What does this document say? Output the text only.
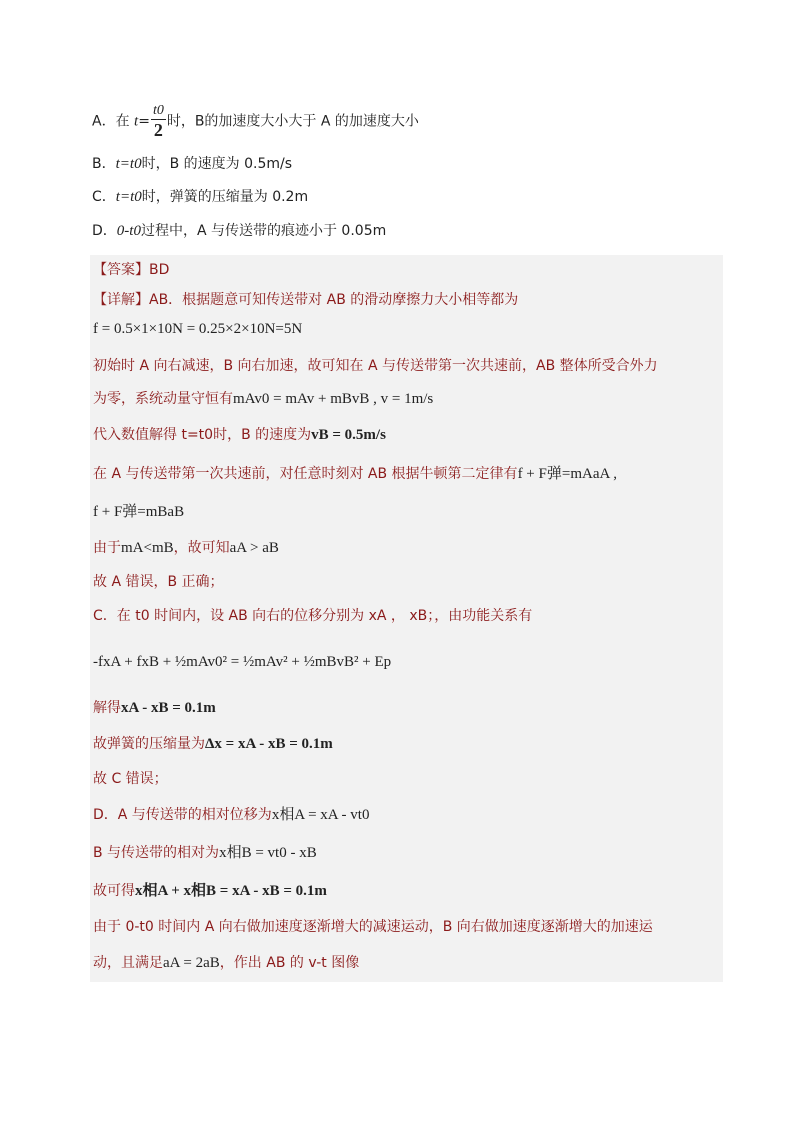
A．在 $t= \frac{t0}{2}$ 时，B的加速度大小大于 A 的加速度大小
B．t=t0时，B 的速度为 0.5m/s
C．t=t0时，弹簧的压缩量为 0.2m
D．0-t0过程中，A 与传送带的痕迹小于 0.05m
【答案】BD
【详解】AB．根据题意可知传送带对 AB 的滑动摩擦力大小相等都为
f = 0.5×1×10N = 0.25×2×10N=5N
初始时 A 向右减速，B 向右加速，故可知在 A 与传送带第一次共速前，AB 整体所受合外力
为零，系统动量守恒有mAv0 = mAv + mBvB , v = 1m/s
代入数值解得 t=t0时，B 的速度为vB = 0.5m/s
在 A 与传送带第一次共速前，对任意时刻对 AB 根据牛顿第二定律有f + F弹=mAaA ,
f + F弹=mBaB
由于mA<mB，故可知aA > aB
故 A 错误，B 正确；
C．在 t0 时间内，设 AB 向右的位移分别为 xA ， xB；，由功能关系有
-fxA + fxB + ½mAv0² = ½mAv² + ½mBvB² + Ep
解得xA - xB = 0.1m
故弹簧的压缩量为Δx = xA - xB = 0.1m
故 C 错误；
D．A 与传送带的相对位移为x相A = xA - vt0
B 与传送带的相对为x相B = vt0 - xB
故可得x相A + x相B = xA - xB = 0.1m
由于 0-t0 时间内 A 向右做加速度逐渐增大的减速运动，B 向右做加速度逐渐增大的加速运
动，且满足aA = 2aB，作出 AB 的 v-t 图像
